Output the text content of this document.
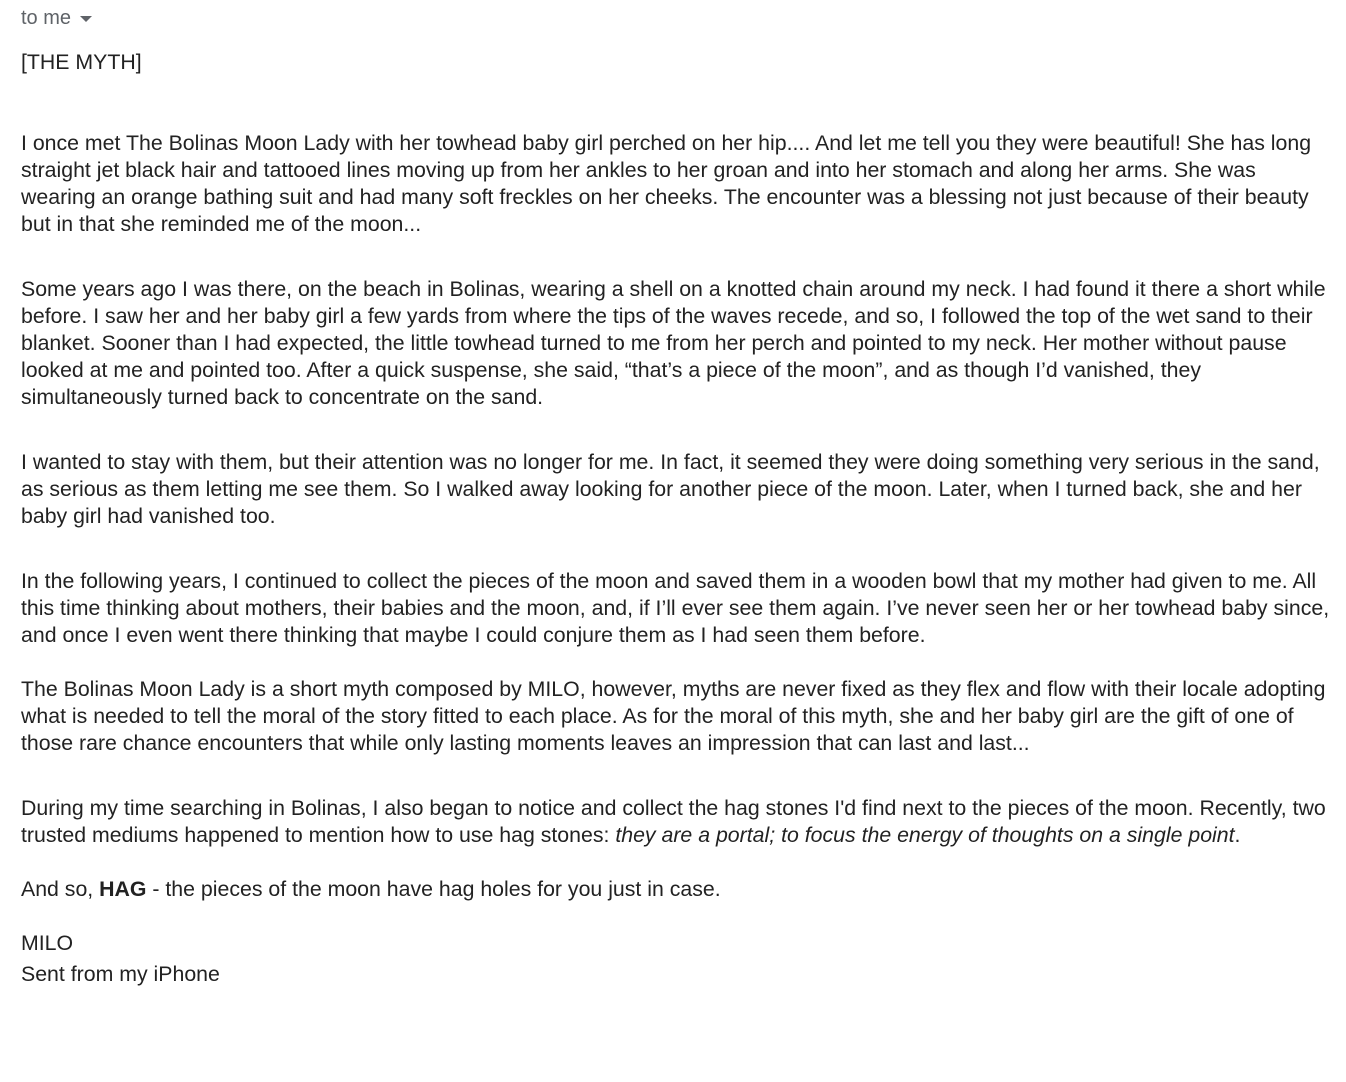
to me

[THE MYTH]

I once met The Bolinas Moon Lady with her towhead baby girl perched on her hip.... And let me tell you they were beautiful! She has long straight jet black hair and tattooed lines moving up from her ankles to her groan and into her stomach and along her arms. She was wearing an orange bathing suit and had many soft freckles on her cheeks. The encounter was a blessing not just because of their beauty but in that she reminded me of the moon...

Some years ago I was there, on the beach in Bolinas, wearing a shell on a knotted chain around my neck. I had found it there a short while before. I saw her and her baby girl a few yards from where the tips of the waves recede, and so, I followed the top of the wet sand to their blanket. Sooner than I had expected, the little towhead turned to me from her perch and pointed to my neck. Her mother without pause looked at me and pointed too. After a quick suspense, she said, “that’s a piece of the moon”, and as though I’d vanished, they simultaneously turned back to concentrate on the sand.

I wanted to stay with them, but their attention was no longer for me. In fact, it seemed they were doing something very serious in the sand, as serious as them letting me see them. So I walked away looking for another piece of the moon. Later, when I turned back, she and her baby girl had vanished too.

In the following years, I continued to collect the pieces of the moon and saved them in a wooden bowl that my mother had given to me. All this time thinking about mothers, their babies and the moon, and, if I’ll ever see them again. I’ve never seen her or her towhead baby since, and once I even went there thinking that maybe I could conjure them as I had seen them before.

The Bolinas Moon Lady is a short myth composed by MILO, however, myths are never fixed as they flex and flow with their locale adopting what is needed to tell the moral of the story fitted to each place. As for the moral of this myth, she and her baby girl are the gift of one of those rare chance encounters that while only lasting moments leaves an impression that can last and last...

During my time searching in Bolinas, I also began to notice and collect the hag stones I'd find next to the pieces of the moon. Recently, two trusted mediums happened to mention how to use hag stones: they are a portal; to focus the energy of thoughts on a single point.

And so, HAG - the pieces of the moon have hag holes for you just in case.

MILO

Sent from my iPhone
